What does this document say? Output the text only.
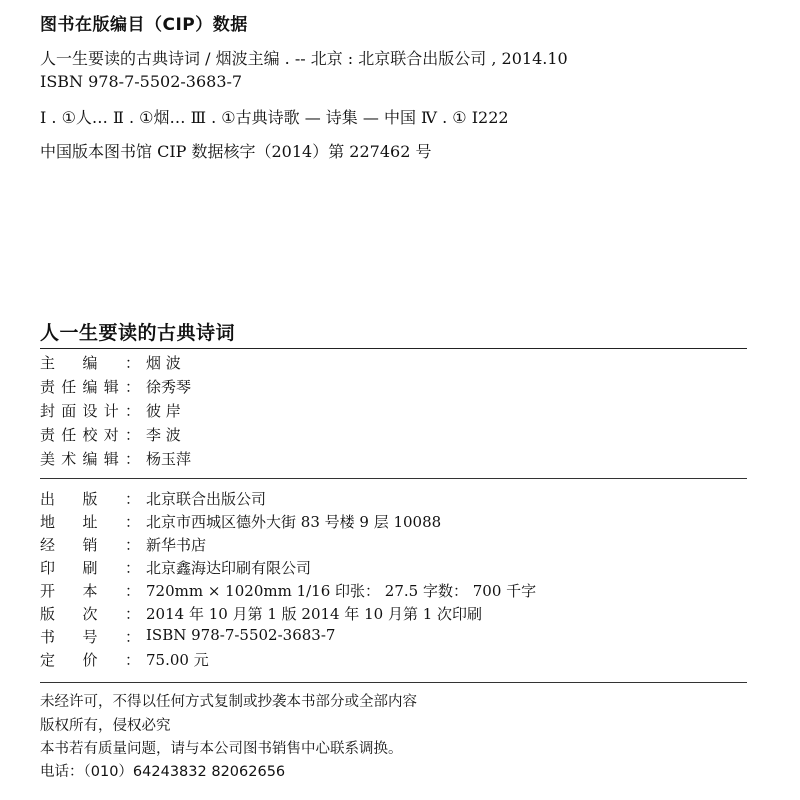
图书在版编目（CIP）数据
人一生要读的古典诗词 / 烟波主编 . -- 北京 : 北京联合出版公司 , 2014.10
ISBN 978-7-5502-3683-7
Ⅰ . ①人… Ⅱ . ①烟… Ⅲ . ①古典诗歌 — 诗集 — 中国 Ⅳ . ① I222
中国版本图书馆 CIP 数据核字（2014）第 227462 号
人一生要读的古典诗词
主 编 ： 烟 波
责 任 编 辑 ： 徐秀琴
封 面 设 计 ： 彼 岸
责 任 校 对 ： 李 波
美 术 编 辑 ： 杨玉萍
出 版 ： 北京联合出版公司
地 址 ： 北京市西城区德外大街 83 号楼 9 层 10088
经 销 ： 新华书店
印 刷 ： 北京鑫海达印刷有限公司
开 本 ： 720mm × 1020mm 1/16 印张： 27.5 字数： 700 千字
版 次 ： 2014 年 10 月第 1 版 2014 年 10 月第 1 次印刷
书 号 ： ISBN 978-7-5502-3683-7
定 价 ： 75.00 元
未经许可，不得以任何方式复制或抄袭本书部分或全部内容
版权所有，侵权必究
本书若有质量问题，请与本公司图书销售中心联系调换。
电话：（010）64243832 82062656
